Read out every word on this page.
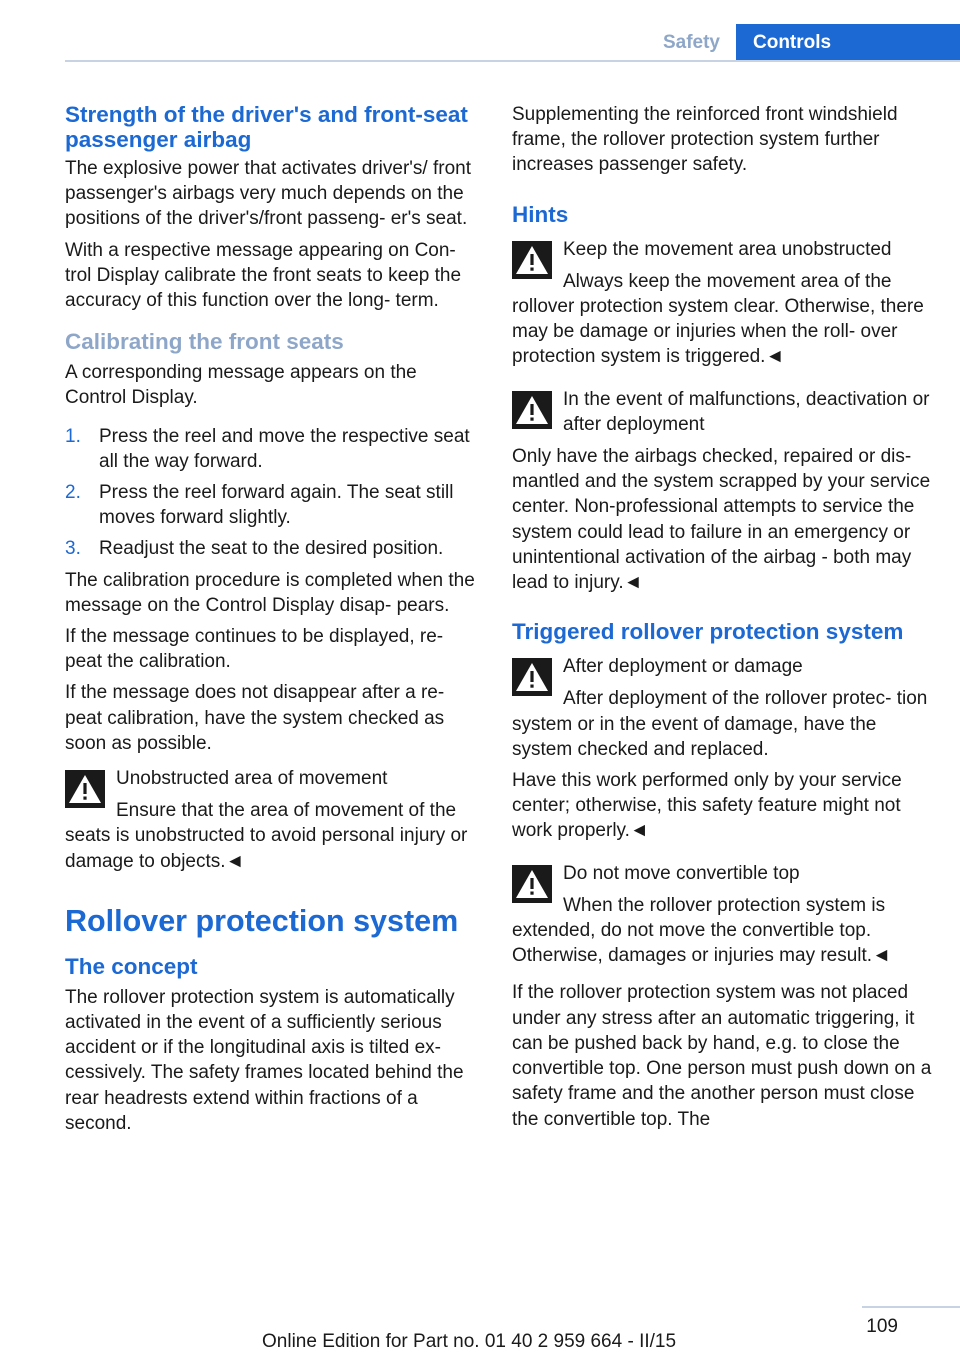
Safety	Controls
Strength of the driver's and front-seat passenger airbag

The explosive power that activates driver's/ front passenger's airbags very much depends on the positions of the driver's/front passeng‐ er's seat.

With a respective message appearing on Con‐ trol Display calibrate the front seats to keep the accuracy of this function over the long- term.

Calibrating the front seats

A corresponding message appears on the Control Display.

1. Press the reel and move the respective seat all the way forward.
2. Press the reel forward again. The seat still moves forward slightly.
3. Readjust the seat to the desired position.

The calibration procedure is completed when the message on the Control Display disap‐ pears.

If the message continues to be displayed, re‐ peat the calibration.

If the message does not disappear after a re‐ peat calibration, have the system checked as soon as possible.

Unobstructed area of movement
Ensure that the area of movement of the seats is unobstructed to avoid personal injury or damage to objects.◄
Rollover protection system
The concept

The rollover protection system is automatically activated in the event of a sufficiently serious accident or if the longitudinal axis is tilted ex‐ cessively. The safety frames located behind the rear headrests extend within fractions of a second.

Supplementing the reinforced front windshield frame, the rollover protection system further increases passenger safety.

Hints
Keep the movement area unobstructed
Always keep the movement area of the rollover protection system clear. Otherwise, there may be damage or injuries when the roll‐ over protection system is triggered.◄
In the event of malfunctions, deactivation or after deployment
Only have the airbags checked, repaired or dis‐ mantled and the system scrapped by your service center. Non-professional attempts to service the system could lead to failure in an emergency or unintentional activation of the airbag - both may lead to injury.◄
Triggered rollover protection system
After deployment or damage
After deployment of the rollover protec‐ tion system or in the event of damage, have the system checked and replaced.

Have this work performed only by your service center; otherwise, this safety feature might not work properly.◄

Do not move convertible top
When the rollover protection system is extended, do not move the convertible top. Otherwise, damages or injuries may result.◄

If the rollover protection system was not placed under any stress after an automatic triggering, it can be pushed back by hand, e.g. to close the convertible top. One person must push down on a safety frame and the another person must close the convertible top. The

109
Online Edition for Part no. 01 40 2 959 664 - II/15
